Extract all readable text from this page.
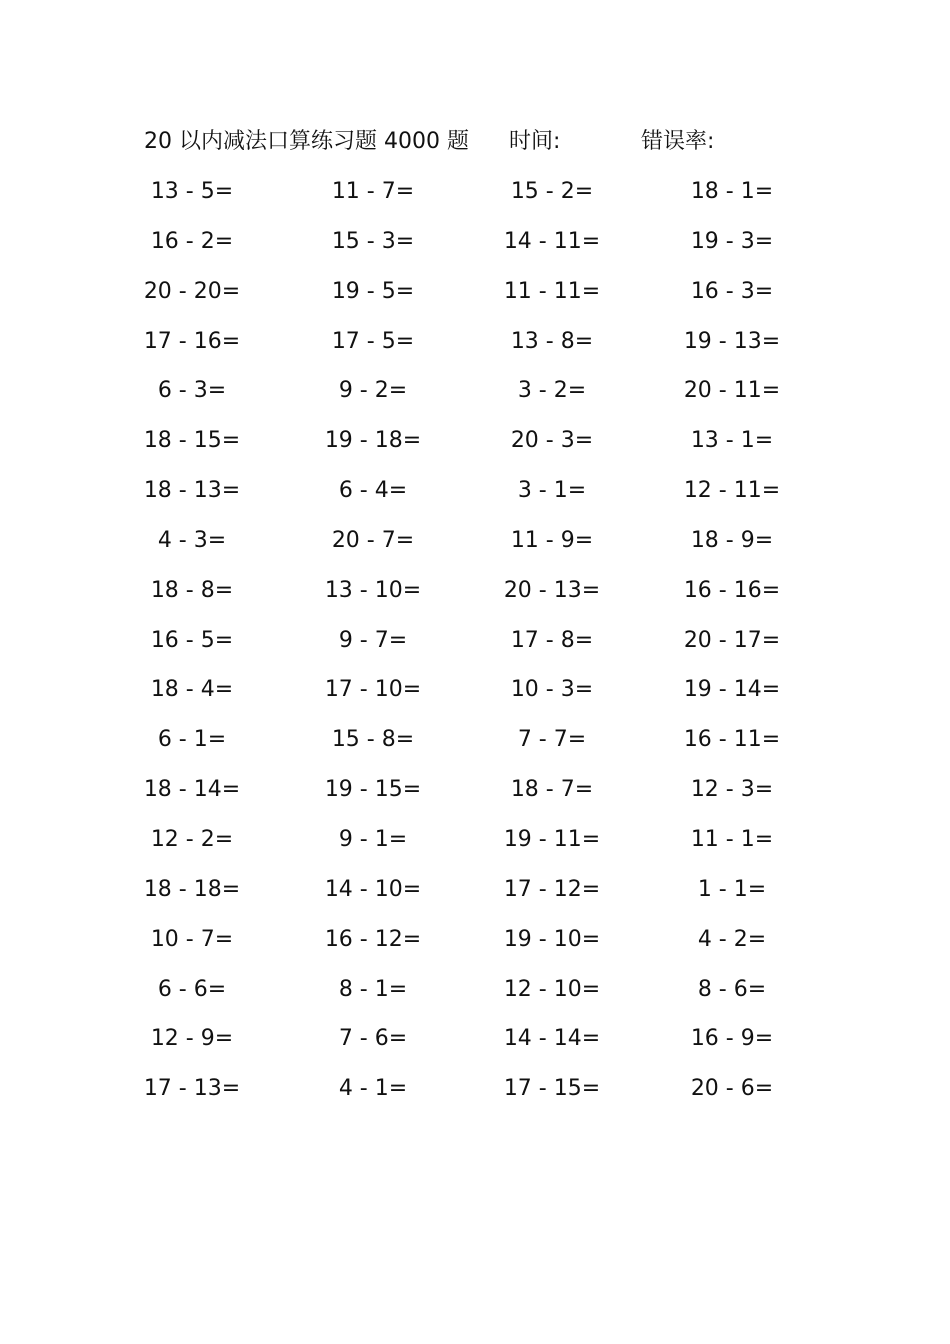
20 以内减法口算练习题 4000 题 时间:	错误率:
13 - 5=	11 - 7=	15 - 2=	18 - 1=
16 - 2=	15 - 3=	14 - 11=	19 - 3=
20 - 20=	19 - 5=	11 - 11=	16 - 3=
17 - 16=	17 - 5=	13 - 8=	19 - 13=
6 - 3=	9 - 2=	3 - 2=	20 - 11=
18 - 15=	19 - 18=	20 - 3=	13 - 1=
18 - 13=	6 - 4=	3 - 1=	12 - 11=
4 - 3=	20 - 7=	11 - 9=	18 - 9=
18 - 8=	13 - 10=	20 - 13=	16 - 16=
16 - 5=	9 - 7=	17 - 8=	20 - 17=
18 - 4=	17 - 10=	10 - 3=	19 - 14=
6 - 1=	15 - 8=	7 - 7=	16 - 11=
18 - 14=	19 - 15=	18 - 7=	12 - 3=
12 - 2=	9 - 1=	19 - 11=	11 - 1=
18 - 18=	14 - 10=	17 - 12=	1 - 1=
10 - 7=	16 - 12=	19 - 10=	4 - 2=
6 - 6=	8 - 1=	12 - 10=	8 - 6=
12 - 9=	7 - 6=	14 - 14=	16 - 9=
17 - 13=	4 - 1=	17 - 15=	20 - 6=
